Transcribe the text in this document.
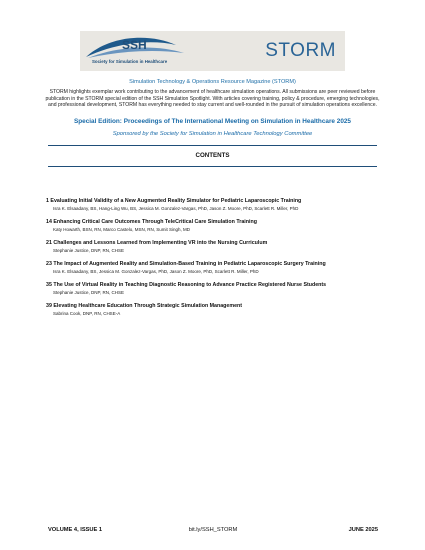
SSH
Society for Simulation in Healthcare
STORM
Simulation Technology & Operations Resource Magazine (STORM)
STORM highlights exemplar work contributing to the advancement of healthcare simulation operations. All submissions are peer reviewed before publication in the STORM special edition of the SSH Simulation Spotlight. With articles covering training, policy & procedure, emerging technologies, and professional development, STORM has everything needed to stay current and well-rounded in the pursuit of simulation operations excellence.
Special Edition: Proceedings of The International Meeting on Simulation in Healthcare 2025
Sponsored by the Society for Simulation in Healthcare Technology Committee
CONTENTS
1 Evaluating Initial Validity of a New Augmented Reality Simulator for Pediatric Laparoscopic Training
Isra K. Elsaadany, BS, Hang-Ling Wu, BS, Jessica M. Gonzalez-Vargas, PhD, Jason Z. Moore, PhD, Scarlett R. Miller, PhD
14 Enhancing Critical Care Outcomes Through TeleCritical Care Simulation Training
Katy Howarth, BSN, RN, Marco Castelo, MSN, RN, Sumit Singh, MD
21 Challenges and Lessons Learned from Implementing VR into the Nursing Curriculum
Stephanie Justice, DNP, RN, CHSE
23 The Impact of Augmented Reality and Simulation-Based Training in Pediatric Laparoscopic Surgery Training
Isra K. Elsaadany, BS, Jessica M. Gonzalez-Vargas, PhD, Jason Z. Moore, PhD, Scarlett R. Miller, PhD
35 The Use of Virtual Reality in Teaching Diagnostic Reasoning to Advance Practice Registered Nurse Students
Stephanie Justice, DNP, RN, CHSE
39 Elevating Healthcare Education Through Strategic Simulation Management
Sabrina Cook, DNP, RN, CHSE-A
VOLUME 4, ISSUE 1	bit.ly/SSH_STORM	JUNE 2025
